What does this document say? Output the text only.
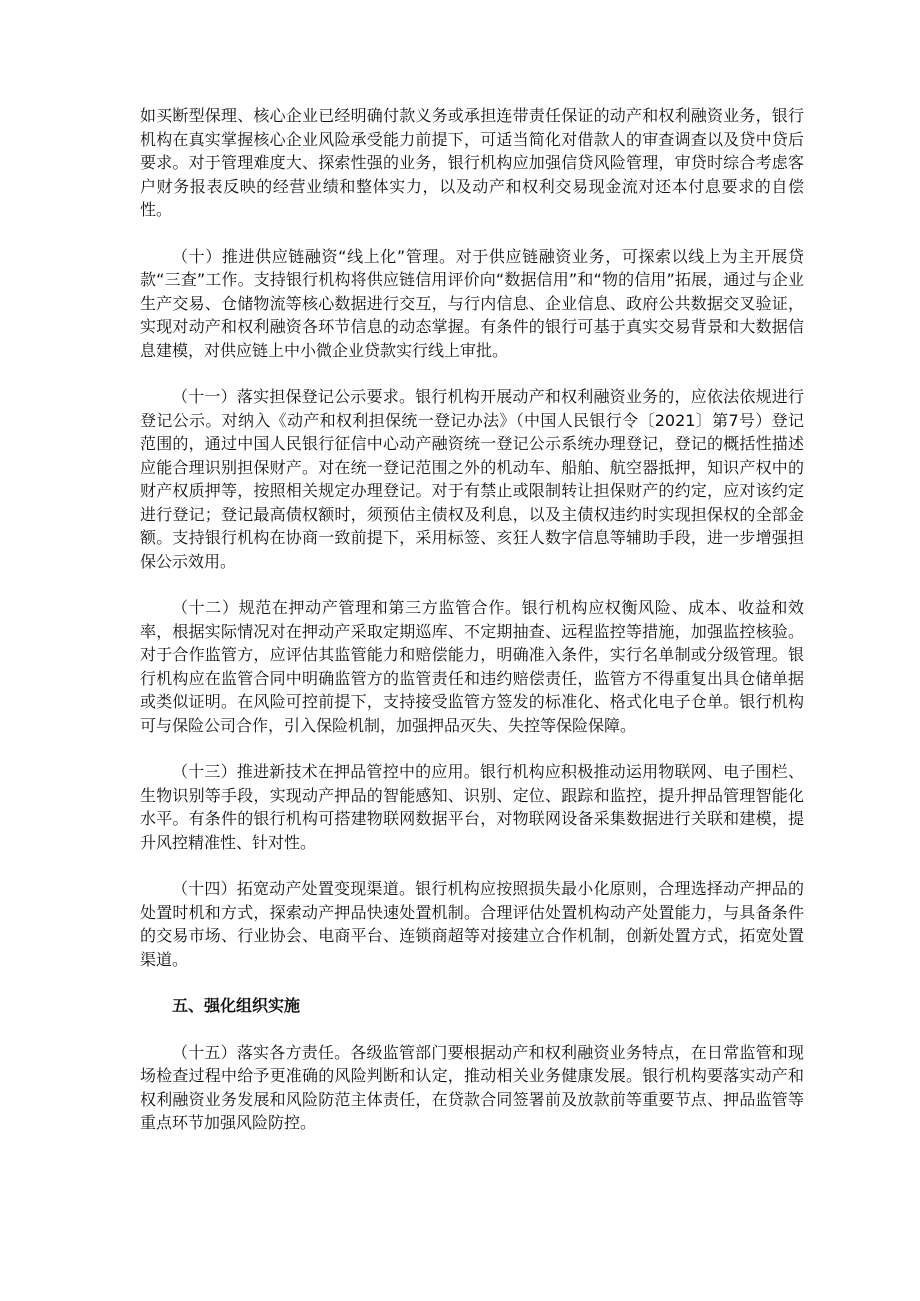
如买断型保理、核心企业已经明确付款义务或承担连带责任保证的动产和权利融资业务，银行机构在真实掌握核心企业风险承受能力前提下，可适当简化对借款人的审查调查以及贷中贷后要求。对于管理难度大、探索性强的业务，银行机构应加强信贷风险管理，审贷时综合考虑客户财务报表反映的经营业绩和整体实力，以及动产和权利交易现金流对还本付息要求的自偿性。

（十）推进供应链融资“线上化”管理。对于供应链融资业务，可探索以线上为主开展贷款“三查”工作。支持银行机构将供应链信用评价向“数据信用”和“物的信用”拓展，通过与企业生产交易、仓储物流等核心数据进行交互，与行内信息、企业信息、政府公共数据交叉验证，实现对动产和权利融资各环节信息的动态掌握。有条件的银行可基于真实交易背景和大数据信息建模，对供应链上中小微企业贷款实行线上审批。

（十一）落实担保登记公示要求。银行机构开展动产和权利融资业务的，应依法依规进行登记公示。对纳入《动产和权利担保统一登记办法》（中国人民银行令〔2021〕第7号）登记范围的，通过中国人民银行征信中心动产融资统一登记公示系统办理登记，登记的概括性描述应能合理识别担保财产。对在统一登记范围之外的机动车、船舶、航空器抵押，知识产权中的财产权质押等，按照相关规定办理登记。对于有禁止或限制转让担保财产的约定，应对该约定进行登记；登记最高债权额时，须预估主债权及利息，以及主债权违约时实现担保权的全部金额。支持银行机构在协商一致前提下，采用标签、亥狂人数字信息等辅助手段，进一步增强担保公示效用。

（十二）规范在押动产管理和第三方监管合作。银行机构应权衡风险、成本、收益和效率，根据实际情况对在押动产采取定期巡库、不定期抽查、远程监控等措施，加强监控核验。对于合作监管方，应评估其监管能力和赔偿能力，明确准入条件，实行名单制或分级管理。银行机构应在监管合同中明确监管方的监管责任和违约赔偿责任，监管方不得重复出具仓储单据或类似证明。在风险可控前提下，支持接受监管方签发的标准化、格式化电子仓单。银行机构可与保险公司合作，引入保险机制，加强押品灭失、失控等保险保障。

（十三）推进新技术在押品管控中的应用。银行机构应积极推动运用物联网、电子围栏、生物识别等手段，实现动产押品的智能感知、识别、定位、跟踪和监控，提升押品管理智能化水平。有条件的银行机构可搭建物联网数据平台，对物联网设备采集数据进行关联和建模，提升风控精准性、针对性。

（十四）拓宽动产处置变现渠道。银行机构应按照损失最小化原则，合理选择动产押品的处置时机和方式，探索动产押品快速处置机制。合理评估处置机构动产处置能力，与具备条件的交易市场、行业协会、电商平台、连锁商超等对接建立合作机制，创新处置方式，拓宽处置渠道。

五、强化组织实施

（十五）落实各方责任。各级监管部门要根据动产和权利融资业务特点，在日常监管和现场检查过程中给予更准确的风险判断和认定，推动相关业务健康发展。银行机构要落实动产和权利融资业务发展和风险防范主体责任，在贷款合同签署前及放款前等重要节点、押品监管等重点环节加强风险防控。
